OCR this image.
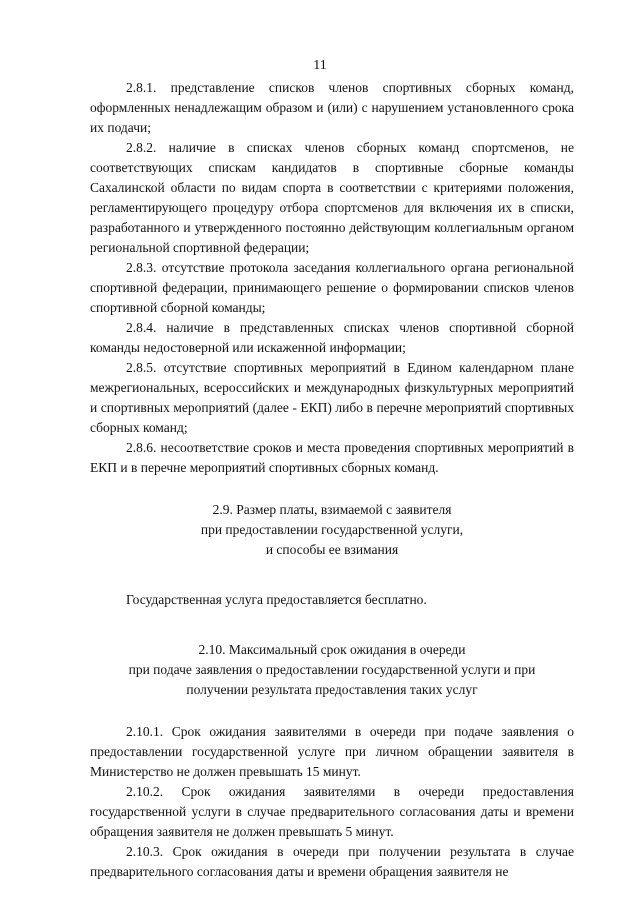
11

2.8.1. представление списков членов спортивных сборных команд, оформленных ненадлежащим образом и (или) с нарушением установленного срока их подачи;

2.8.2. наличие в списках членов сборных команд спортсменов, не соответствующих спискам кандидатов в спортивные сборные команды Сахалинской области по видам спорта в соответствии с критериями положения, регламентирующего процедуру отбора спортсменов для включения их в списки, разработанного и утвержденного постоянно действующим коллегиальным органом региональной спортивной федерации;

2.8.3. отсутствие протокола заседания коллегиального органа региональной спортивной федерации, принимающего решение о формировании списков членов спортивной сборной команды;

2.8.4. наличие в представленных списках членов спортивной сборной команды недостоверной или искаженной информации;

2.8.5. отсутствие спортивных мероприятий в Едином календарном плане межрегиональных, всероссийских и международных физкультурных мероприятий и спортивных мероприятий (далее - ЕКП) либо в перечне мероприятий спортивных сборных команд;

2.8.6. несоответствие сроков и места проведения спортивных мероприятий в ЕКП и в перечне мероприятий спортивных сборных команд.

2.9. Размер платы, взимаемой с заявителя

при предоставлении государственной услуги,

и способы ее взимания

Государственная услуга предоставляется бесплатно.

2.10. Максимальный срок ожидания в очереди

при подаче заявления о предоставлении государственной услуги и при

получении результата предоставления таких услуг

2.10.1. Срок ожидания заявителями в очереди при подаче заявления о предоставлении государственной услуге при личном обращении заявителя в Министерство не должен превышать 15 минут.

2.10.2. Срок ожидания заявителями в очереди предоставления государственной услуги в случае предварительного согласования даты и времени обращения заявителя не должен превышать 5 минут.

2.10.3. Срок ожидания в очереди при получении результата в случае предварительного согласования даты и времени обращения заявителя не
